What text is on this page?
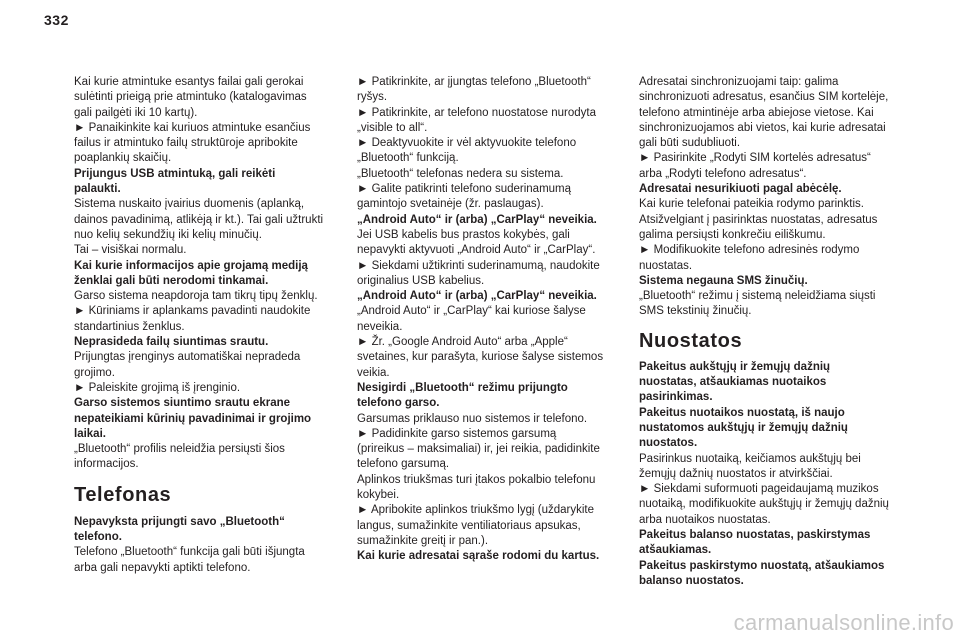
332
Kai kurie atmintuke esantys failai gali gerokai
sulėtinti prieigą prie atmintuko (katalogavimas
gali pailgėti iki 10 kartų).
► Panaikinkite kai kuriuos atmintuke esančius
failus ir atmintuko failų struktūroje apribokite
poaplankių skaičių.
Prijungus USB atmintuką, gali reikėti
palaukti.
Sistema nuskaito įvairius duomenis (aplanką,
dainos pavadinimą, atlikėją ir kt.). Tai gali užtrukti
nuo kelių sekundžių iki kelių minučių.
Tai – visiškai normalu.
Kai kurie informacijos apie grojamą mediją
ženklai gali būti nerodomi tinkamai.
Garso sistema neapdoroja tam tikrų tipų ženklų.
► Kūriniams ir aplankams pavadinti naudokite
standartinius ženklus.
Neprasideda failų siuntimas srautu.
Prijungtas įrenginys automatiškai nepradeda
grojimo.
► Paleiskite grojimą iš įrenginio.
Garso sistemos siuntimo srautu ekrane
nepateikiami kūrinių pavadinimai ir grojimo
laikai.
„Bluetooth“ profilis neleidžia persiųsti šios
informacijos.
Telefonas
Nepavyksta prijungti savo „Bluetooth“
telefono.
Telefono „Bluetooth“ funkcija gali būti išjungta
arba gali nepavykti aptikti telefono.
► Patikrinkite, ar įjungtas telefono „Bluetooth“
ryšys.
► Patikrinkite, ar telefono nuostatose nurodyta
„visible to all“.
► Deaktyvuokite ir vėl aktyvuokite telefono
„Bluetooth“ funkciją.
„Bluetooth“ telefonas nedera su sistema.
► Galite patikrinti telefono suderinamumą
gamintojo svetainėje (žr. paslaugas).
„Android Auto“ ir (arba) „CarPlay“ neveikia.
Jei USB kabelis bus prastos kokybės, gali
nepavykti aktyvuoti „Android Auto“ ir „CarPlay“.
► Siekdami užtikrinti suderinamumą, naudokite
originalius USB kabelius.
„Android Auto“ ir (arba) „CarPlay“ neveikia.
„Android Auto“ ir „CarPlay“ kai kuriose šalyse
neveikia.
► Žr. „Google Android Auto“ arba „Apple“
svetaines, kur parašyta, kuriose šalyse sistemos
veikia.
Nesigirdi „Bluetooth“ režimu prijungto
telefono garso.
Garsumas priklauso nuo sistemos ir telefono.
► Padidinkite garso sistemos garsumą
(prireikus – maksimaliai) ir, jei reikia, padidinkite
telefono garsumą.
Aplinkos triukšmas turi įtakos pokalbio telefonu
kokybei.
► Apribokite aplinkos triukšmo lygį (uždarykite
langus, sumažinkite ventiliatoriaus apsukas,
sumažinkite greitį ir pan.).
Kai kurie adresatai sąraše rodomi du kartus.
Adresatai sinchronizuojami taip: galima
sinchronizuoti adresatus, esančius SIM kortelėje,
telefono atmintinėje arba abiejose vietose. Kai
sinchronizuojamos abi vietos, kai kurie adresatai
gali būti sudubliuoti.
► Pasirinkite „Rodyti SIM kortelės adresatus“
arba „Rodyti telefono adresatus“.
Adresatai nesurikiuoti pagal abėcėlę.
Kai kurie telefonai pateikia rodymo parinktis.
Atsižvelgiant į pasirinktas nuostatas, adresatus
galima persiųsti konkrečiu eiliškumu.
► Modifikuokite telefono adresinės rodymo
nuostatas.
Sistema negauna SMS žinučių.
„Bluetooth“ režimu į sistemą neleidžiama siųsti
SMS tekstinių žinučių.
Nuostatos
Pakeitus aukštųjų ir žemųjų dažnių
nuostatas, atšaukiamas nuotaikos
pasirinkimas.
Pakeitus nuotaikos nuostatą, iš naujo
nustatomos aukštųjų ir žemųjų dažnių
nuostatos.
Pasirinkus nuotaiką, keičiamos aukštųjų bei
žemųjų dažnių nuostatos ir atvirkščiai.
► Siekdami suformuoti pageidaujamą muzikos
nuotaiką, modifikuokite aukštųjų ir žemųjų dažnių
arba nuotaikos nuostatas.
Pakeitus balanso nuostatas, paskirstymas
atšaukiamas.
Pakeitus paskirstymo nuostatą, atšaukiamos
balanso nuostatos.
carmanualsonline.info
